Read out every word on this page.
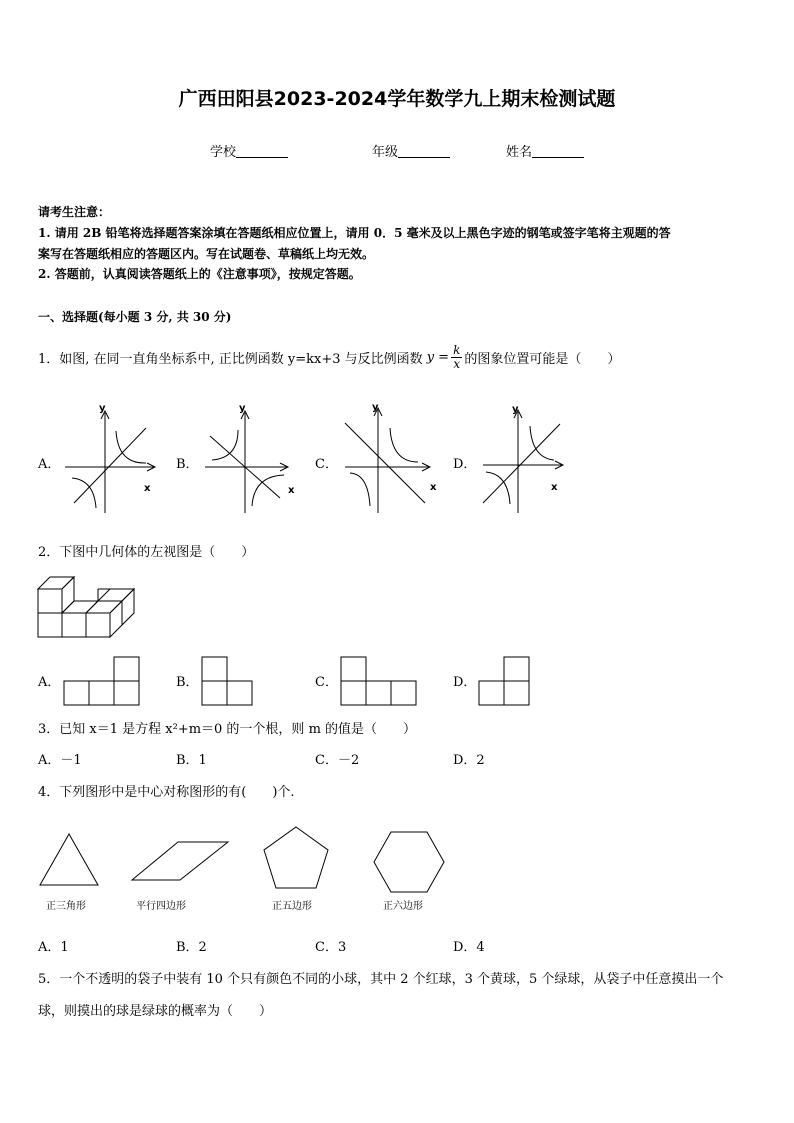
广西田阳县2023-2024学年数学九上期末检测试题
学校	年级	姓名
请考生注意：
1. 请用 2B 铅笔将选择题答案涂填在答题纸相应位置上，请用 0．5 毫米及以上黑色字迹的钢笔或签字笔将主观题的答
案写在答题纸相应的答题区内。写在试题卷、草稿纸上均无效。
2. 答题前，认真阅读答题纸上的《注意事项》，按规定答题。
一、选择题(每小题 3 分, 共 30 分)
1．如图, 在同一直角坐标系中, 正比例函数 y=kx+3 与反比例函数 $y = \frac{k}{x}$ 的图象位置可能是（　　）
A．	B．	C．	D．
y
x
y
x
y
x
y
x
2．下图中几何体的左视图是（　　）
A．	B．	C．	D．
3．已知 x＝1 是方程 x²+m＝0 的一个根，则 m 的值是（　　）
A．－1	B．1	C．－2	D．2
4．下列图形中是中心对称图形的有(　　)个.
正三角形	平行四边形	正五边形	正六边形
A．1	B．2	C．3	D．4
5．一个不透明的袋子中装有 10 个只有颜色不同的小球，其中 2 个红球，3 个黄球，5 个绿球，从袋子中任意摸出一个
球，则摸出的球是绿球的概率为（　　）
